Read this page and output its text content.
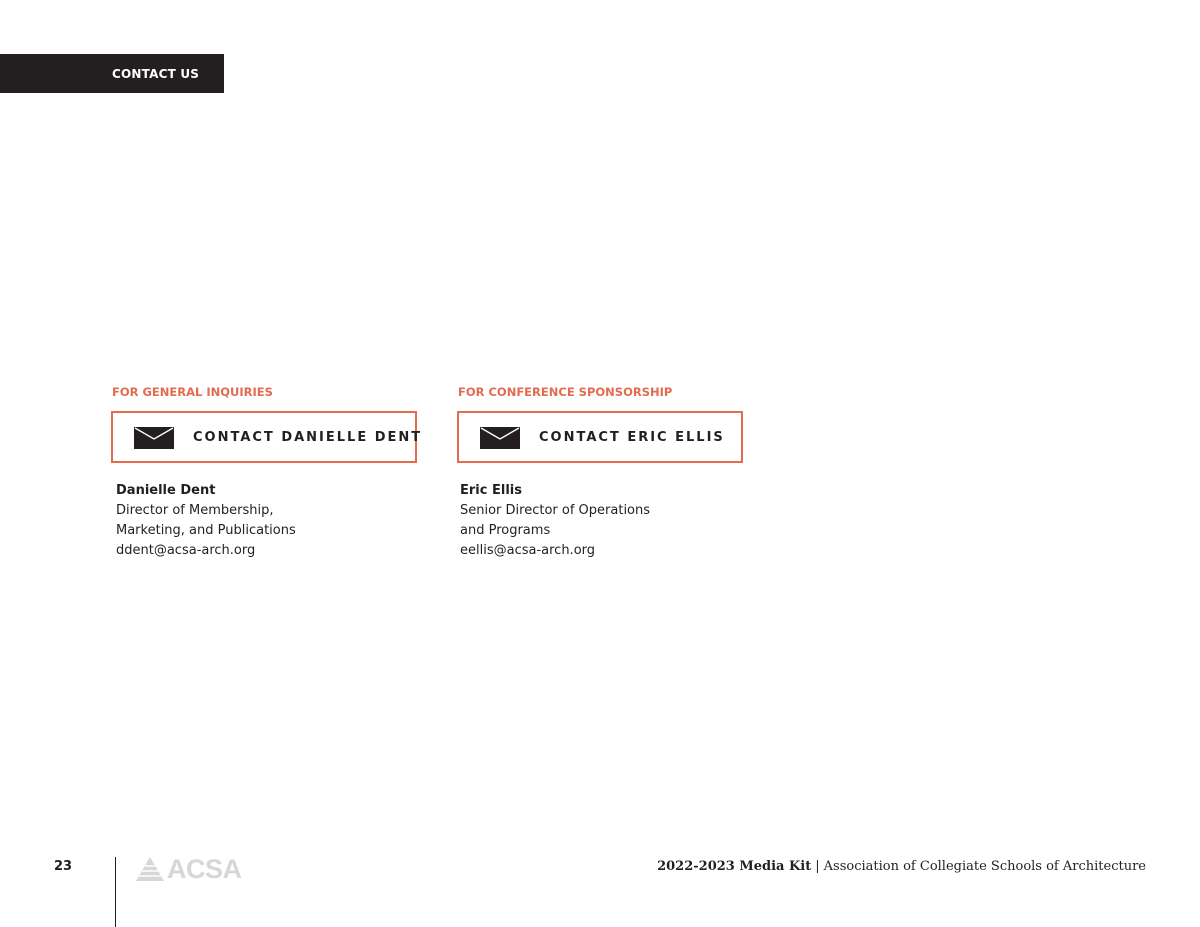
CONTACT US
FOR GENERAL INQUIRIES
CONTACT DANIELLE DENT
Danielle Dent
Director of Membership,
Marketing, and Publications
ddent@acsa-arch.org
FOR CONFERENCE SPONSORSHIP
CONTACT ERIC ELLIS
Eric Ellis
Senior Director of Operations
and Programs
eellis@acsa-arch.org
23	ACSA	2022-2023 Media Kit | Association of Collegiate Schools of Architecture
